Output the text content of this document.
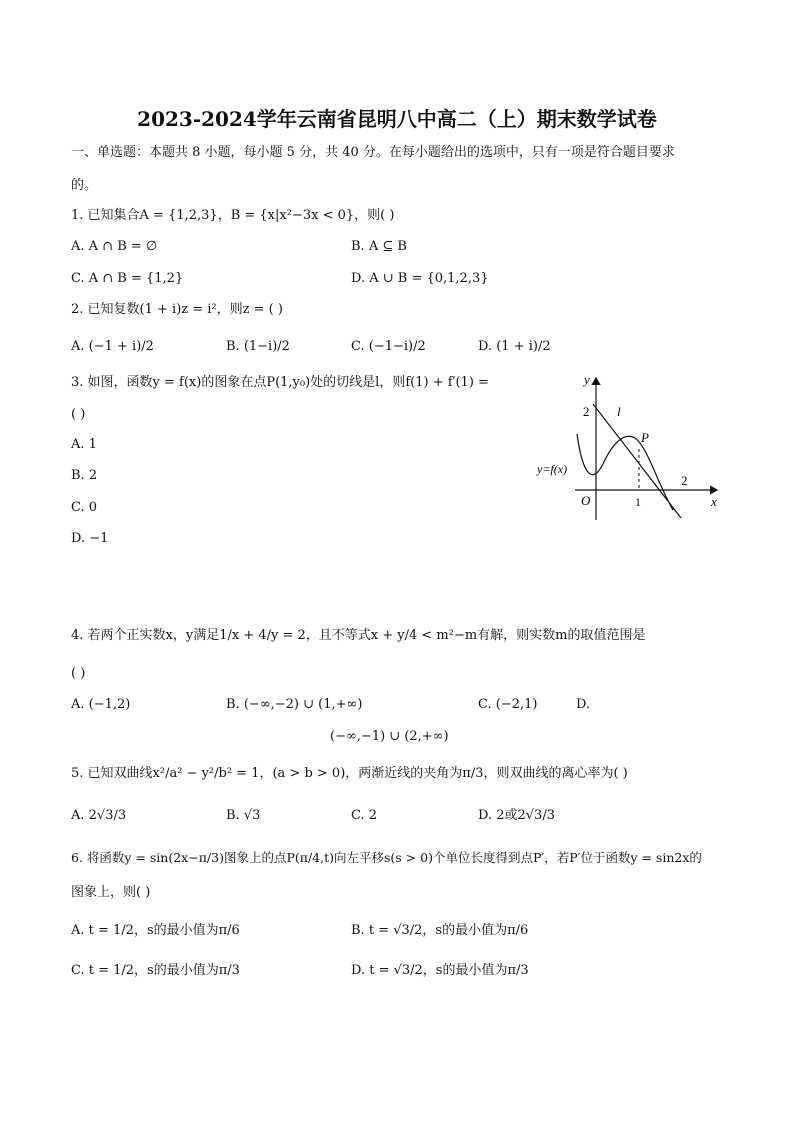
2023-2024学年云南省昆明八中高二（上）期末数学试卷
一、单选题：本题共 8 小题，每小题 5 分，共 40 分。在每小题给出的选项中，只有一项是符合题目要求
的。
1. 已知集合A = {1,2,3}，B = {x|x²−3x < 0}，则( )
A. A ∩ B = ∅	B. A ⊆ B
C. A ∩ B = {1,2}	D. A ∪ B = {0,1,2,3}
2. 已知复数(1 + i)z = i²，则z = ( )
A. (−1 + i)/2	B. (1−i)/2	C. (−1−i)/2	D. (1 + i)/2
3. 如图，函数y = f(x)的图象在点P(1,y₀)处的切线是l，则f(1) + f′(1) =
( )
A. 1
B. 2
C. 0
D. −1
y
x
O
2 l
P
y=f(x)
1
2
4. 若两个正实数x，y满足1/x + 4/y = 2，且不等式x + y/4 < m²−m有解，则实数m的取值范围是
( )
A. (−1,2)	B. (−∞,−2) ∪ (1,+∞)	C. (−2,1)	D.
(−∞,−1) ∪ (2,+∞)
5. 已知双曲线x²/a² − y²/b² = 1，(a > b > 0)，两渐近线的夹角为π/3，则双曲线的离心率为( )
A. 2√3/3	B. √3	C. 2	D. 2或2√3/3
6. 将函数y = sin(2x−π/3)图象上的点P(π/4,t)向左平移s(s > 0)个单位长度得到点P′，若P′位于函数y = sin2x的
图象上，则( )
A. t = 1/2，s的最小值为π/6	B. t = √3/2，s的最小值为π/6
C. t = 1/2，s的最小值为π/3	D. t = √3/2，s的最小值为π/3
